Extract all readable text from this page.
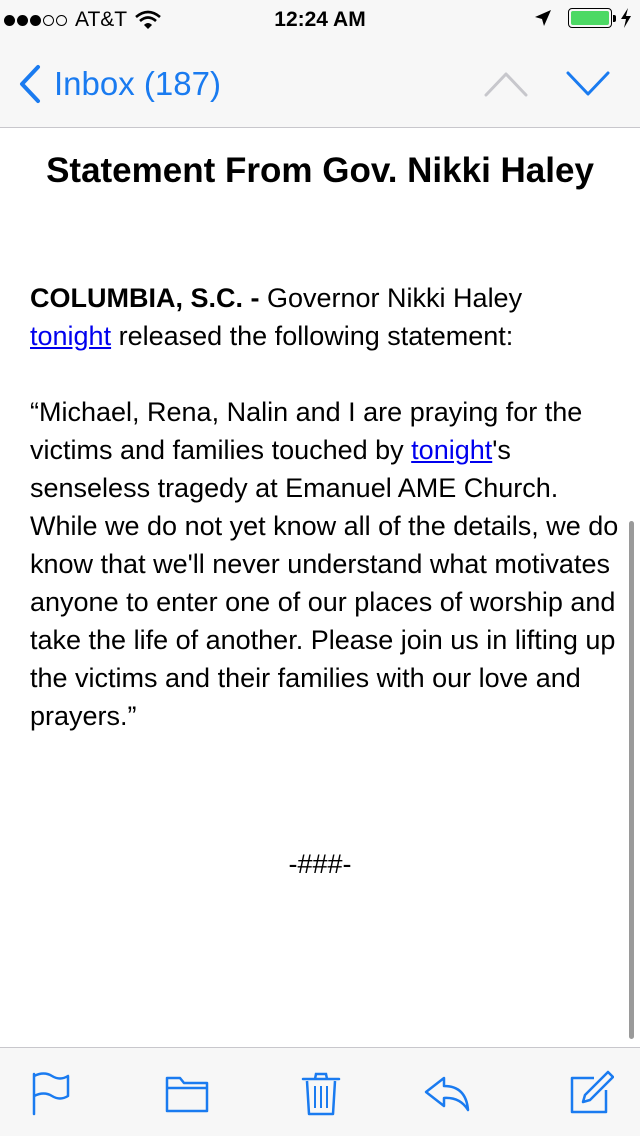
AT&T	12:24 AM
Inbox (187)
Statement From Gov. Nikki Haley

COLUMBIA, S.C. - Governor Nikki Haley tonight released the following statement:

“Michael, Rena, Nalin and I are praying for the victims and families touched by tonight's senseless tragedy at Emanuel AME Church. While we do not yet know all of the details, we do know that we'll never understand what motivates anyone to enter one of our places of worship and take the life of another. Please join us in lifting up the victims and their families with our love and prayers.”

-###-
